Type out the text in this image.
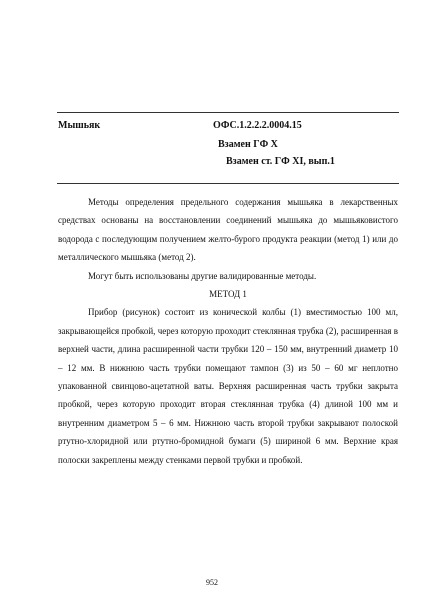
Мышьяк	ОФС.1.2.2.2.0004.15
Взамен ГФ Х
Взамен ст. ГФ XI, вып.1

Методы определения предельного содержания мышьяка в лекарственных средствах основаны на восстановлении соединений мышьяка до мышьяковистого водорода с последующим получением желто-бурого продукта реакции (метод 1) или до металлического мышьяка (метод 2).

Могут быть использованы другие валидированные методы.

МЕТОД 1

Прибор (рисунок) состоит из конической колбы (1) вместимостью 100 мл, закрывающейся пробкой, через которую проходит стеклянная трубка (2), расширенная в верхней части, длина расширенной части трубки 120 – 150 мм, внутренний диаметр 10 – 12 мм. В нижнюю часть трубки помещают тампон (3) из 50 – 60 мг неплотно упакованной свинцово-ацетатной ваты. Верхняя расширенная часть трубки закрыта пробкой, через которую проходит вторая стеклянная трубка (4) длиной 100 мм и внутренним диаметром 5 – 6 мм. Нижнюю часть второй трубки закрывают полоской ртутно-хлоридной или ртутно-бромидной бумаги (5) шириной 6 мм. Верхние края полоски закреплены между стенками первой трубки и пробкой.

952
